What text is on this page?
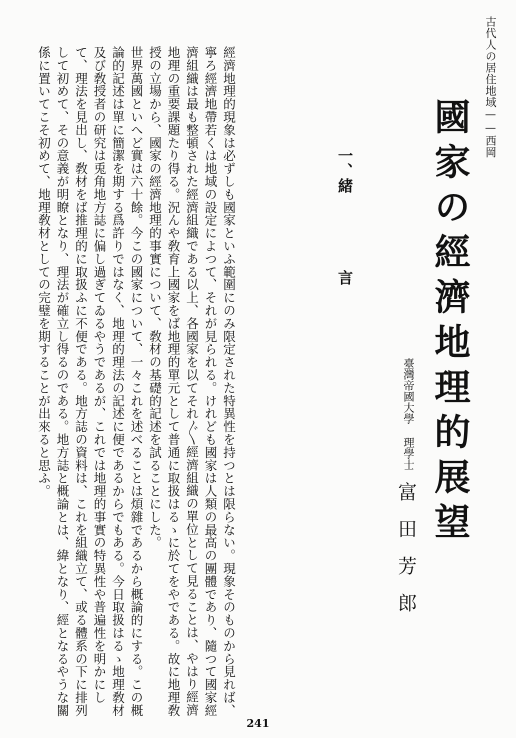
古代人の居住地域——西岡
國家の經濟地理的展望
臺灣帝國大學 理學士
富田芳郎
一、緒
言

經濟地理的現象は必ずしも國家といふ範圍にのみ限定された特異性を持つとは限らない。現象そのものから見れば、寧ろ經濟地帶若くは地域の設定によつて、それが見られる。けれども國家は人類の最高の團體であり、隨つて國家經濟組織は最も整頓された經濟組織である以上、各國家を以てそれ〴〵經濟組織の單位として見ることは、やはり經濟地理の重要課題たり得る。況んや敎育上國家をば地理的單元として普通に取扱はるゝに於てをやである。故に地理敎授の立場から、國家の經濟地理的事實について、敎材の基礎的記述を試ることにした。

世界萬國といへど實は六十餘。今この國家について、一々これを述べることは煩雜であるから概論的にする。この概論的記述は單に簡潔を期する爲許りではなく、地理的理法の記述に便であるからでもある。今日取扱はるゝ地理敎材及び敎授者の研究は兎角地方誌に偏し過ぎてゐるやうであるが、これでは地理的事實の特異性や普遍性を明かにして、理法を見出し、敎材をば推理的に取扱ふに不便である。地方誌の資料は、これを組織立て、或る體系の下に排列して初めて、その意義が明瞭となり、理法が確立し得るのである。地方誌と概論とは、緯となり、經となるやうな關係に置いてこそ初めて、地理敎材としての完璧を期することが出來ると思ふ。

241
